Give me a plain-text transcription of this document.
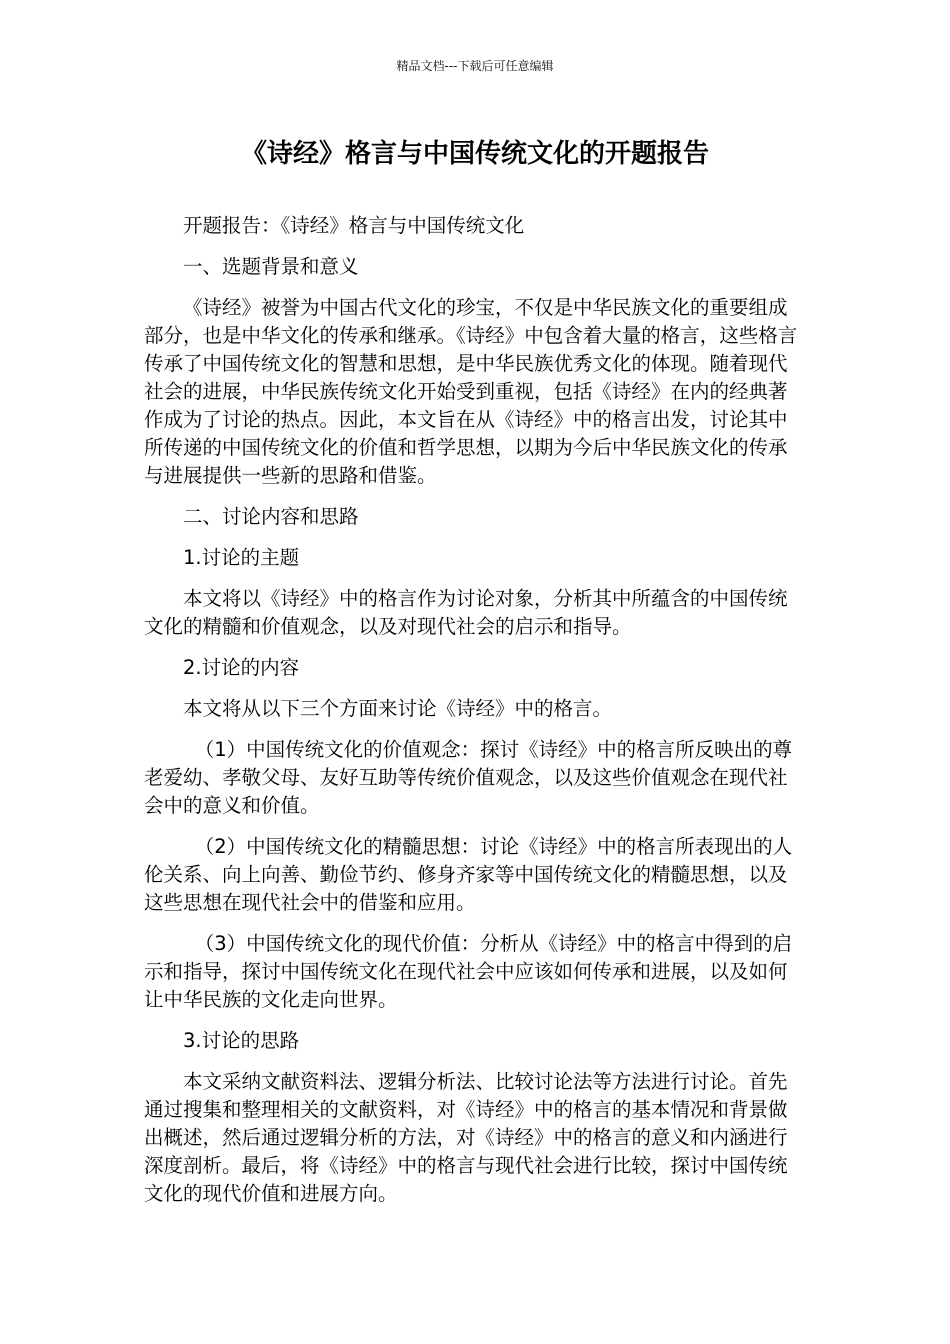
精品文档---下载后可任意编辑
《诗经》格言与中国传统文化的开题报告

开题报告：《诗经》格言与中国传统文化

一、选题背景和意义

《诗经》被誉为中国古代文化的珍宝，不仅是中华民族文化的重要组成部分，也是中华文化的传承和继承。《诗经》中包含着大量的格言，这些格言传承了中国传统文化的智慧和思想，是中华民族优秀文化的体现。随着现代社会的进展，中华民族传统文化开始受到重视，包括《诗经》在内的经典著作成为了讨论的热点。因此，本文旨在从《诗经》中的格言出发，讨论其中所传递的中国传统文化的价值和哲学思想，以期为今后中华民族文化的传承与进展提供一些新的思路和借鉴。

二、讨论内容和思路

1.讨论的主题

本文将以《诗经》中的格言作为讨论对象，分析其中所蕴含的中国传统文化的精髓和价值观念，以及对现代社会的启示和指导。

2.讨论的内容

本文将从以下三个方面来讨论《诗经》中的格言。

（1）中国传统文化的价值观念：探讨《诗经》中的格言所反映出的尊老爱幼、孝敬父母、友好互助等传统价值观念，以及这些价值观念在现代社会中的意义和价值。

（2）中国传统文化的精髓思想：讨论《诗经》中的格言所表现出的人伦关系、向上向善、勤俭节约、修身齐家等中国传统文化的精髓思想，以及这些思想在现代社会中的借鉴和应用。

（3）中国传统文化的现代价值：分析从《诗经》中的格言中得到的启示和指导，探讨中国传统文化在现代社会中应该如何传承和进展，以及如何让中华民族的文化走向世界。

3.讨论的思路

本文采纳文献资料法、逻辑分析法、比较讨论法等方法进行讨论。首先通过搜集和整理相关的文献资料，对《诗经》中的格言的基本情况和背景做出概述，然后通过逻辑分析的方法，对《诗经》中的格言的意义和内涵进行深度剖析。最后，将《诗经》中的格言与现代社会进行比较，探讨中国传统文化的现代价值和进展方向。
